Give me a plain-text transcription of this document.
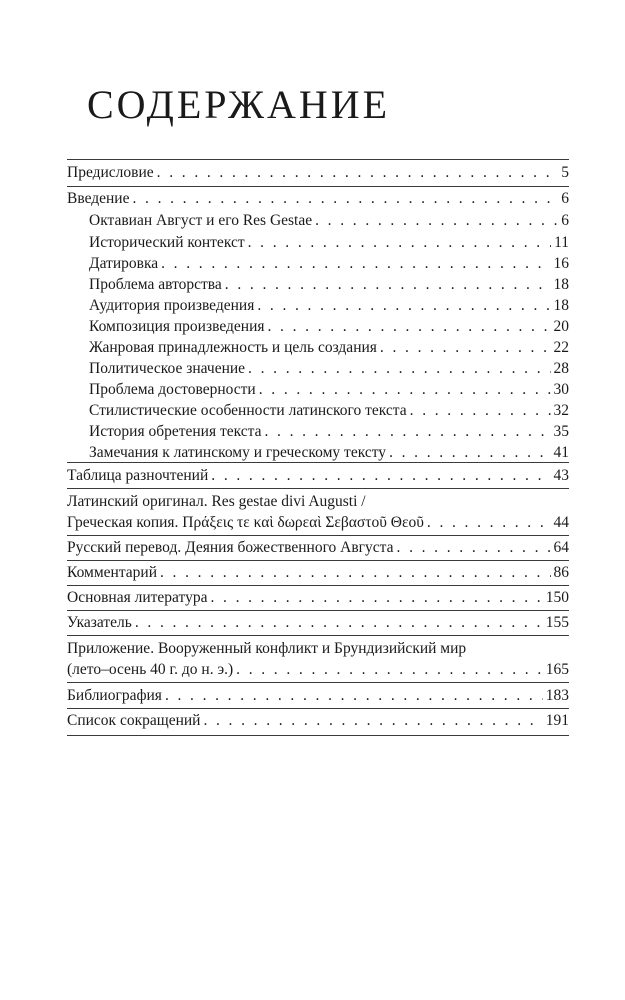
СОДЕРЖАНИЕ
Предисловие . . .	5
Введение . . .	6
Октавиан Август и его Res Gestae . . .	6
Исторический контекст . . .	11
Датировка . . .	16
Проблема авторства . . .	18
Аудитория произведения . . .	18
Композиция произведения . . .	20
Жанровая принадлежность и цель создания . . .	22
Политическое значение . . .	28
Проблема достоверности . . .	30
Стилистические особенности латинского текста . . .	32
История обретения текста . . .	35
Замечания к латинскому и греческому тексту . . .	41
Таблица разночтений . . .	43
Латинский оригинал. Res gestae divi Augusti /
Греческая копия. Πράξεις τε καὶ δωρεαὶ Σεβαστοῦ Θεοῦ . . .	44
Русский перевод. Деяния божественного Августа . . .	64
Комментарий . . .	86
Основная литература . . .	150
Указатель . . .	155
Приложение. Вооруженный конфликт и Брундизийский мир
(лето–осень 40 г. до н. э.) . . .	165
Библиография . . .	183
Список сокращений . . .	191
